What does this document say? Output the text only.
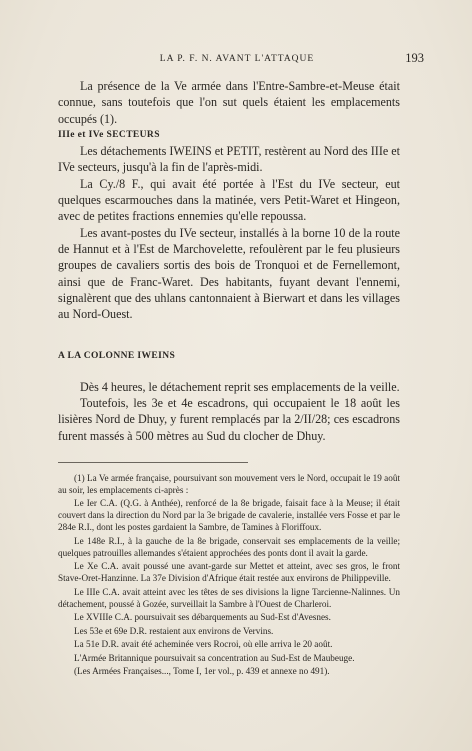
LA P. F. N. AVANT L'ATTAQUE	193

La présence de la Ve armée dans l'Entre-Sambre-et-Meuse était connue, sans toutefois que l'on sut quels étaient les emplacements occupés (1).

IIIe et IVe SECTEURS

Les détachements IWEINS et PETIT, restèrent au Nord des IIIe et IVe secteurs, jusqu'à la fin de l'après-midi.

La Cy./8 F., qui avait été portée à l'Est du IVe secteur, eut quelques escarmouches dans la matinée, vers Petit-Waret et Hingeon, avec de petites fractions ennemies qu'elle repoussa.

Les avant-postes du IVe secteur, installés à la borne 10 de la route de Hannut et à l'Est de Marchovelette, refoulèrent par le feu plusieurs groupes de cavaliers sortis des bois de Tronquoi et de Fernellemont, ainsi que de Franc-Waret. Des habitants, fuyant devant l'ennemi, signalèrent que des uhlans cantonnaient à Bierwart et dans les villages au Nord-Ouest.

A LA COLONNE IWEINS

Dès 4 heures, le détachement reprit ses emplacements de la veille.

Toutefois, les 3e et 4e escadrons, qui occupaient le 18 août les lisières Nord de Dhuy, y furent remplacés par la 2/II/28; ces escadrons furent massés à 500 mètres au Sud du clocher de Dhuy.

(1) La Ve armée française, poursuivant son mouvement vers le Nord, occupait le 19 août au soir, les emplacements ci-après :

Le Ier C.A. (Q.G. à Anthée), renforcé de la 8e brigade, faisait face à la Meuse; il était couvert dans la direction du Nord par la 3e brigade de cavalerie, installée vers Fosse et par le 284e R.I., dont les postes gardaient la Sambre, de Tamines à Floriffoux.

Le 148e R.I., à la gauche de la 8e brigade, conservait ses emplacements de la veille; quelques patrouilles allemandes s'étaient approchées des ponts dont il avait la garde.

Le Xe C.A. avait poussé une avant-garde sur Mettet et atteint, avec ses gros, le front Stave-Oret-Hanzinne. La 37e Division d'Afrique était restée aux environs de Philippeville.

Le IIIe C.A. avait atteint avec les têtes de ses divisions la ligne Tarcienne-Nalinnes. Un détachement, poussé à Gozée, surveillait la Sambre à l'Ouest de Charleroi.

Le XVIIIe C.A. poursuivait ses débarquements au Sud-Est d'Avesnes.

Les 53e et 69e D.R. restaient aux environs de Vervins.

La 51e D.R. avait été acheminée vers Rocroi, où elle arriva le 20 août.

L'Armée Britannique poursuivait sa concentration au Sud-Est de Maubeuge.

(Les Armées Françaises..., Tome I, 1er vol., p. 439 et annexe no 491).
